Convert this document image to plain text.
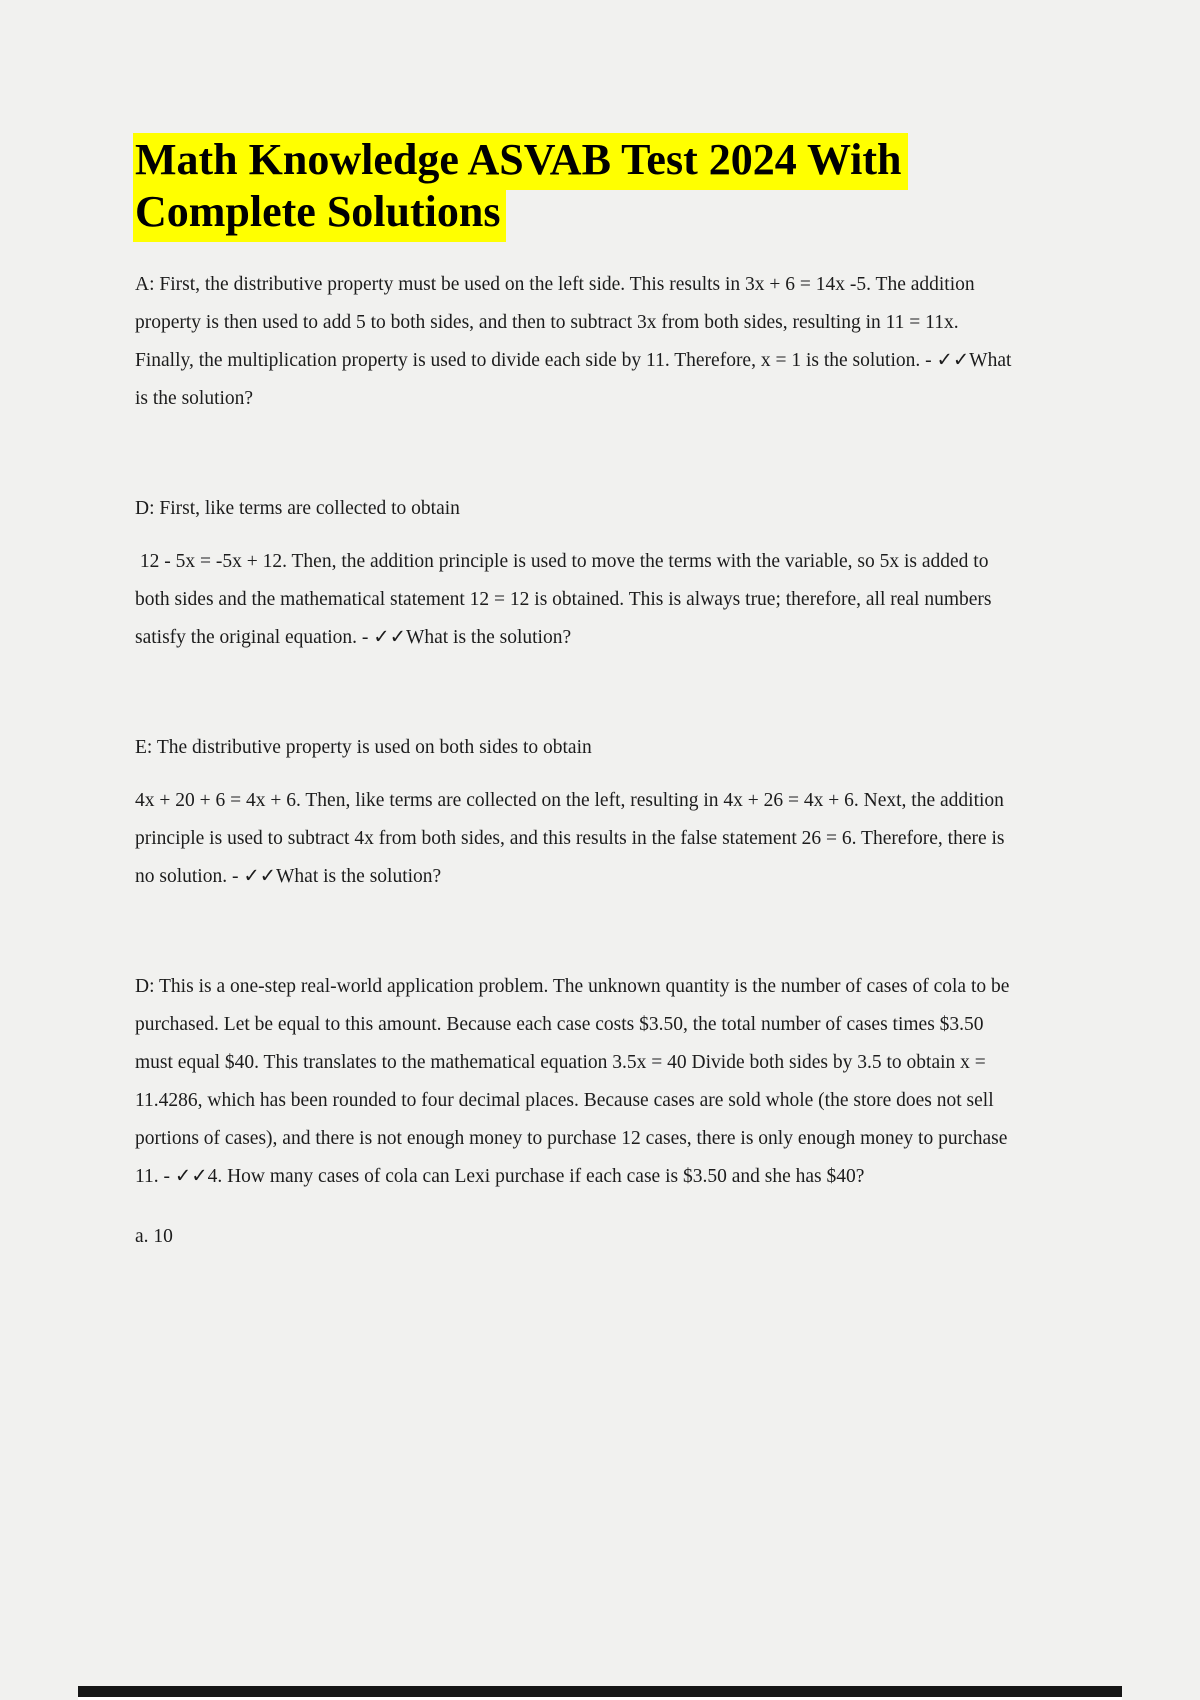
Math Knowledge ASVAB Test 2024 With Complete Solutions

A: First, the distributive property must be used on the left side. This results in 3x + 6 = 14x -5. The addition property is then used to add 5 to both sides, and then to subtract 3x from both sides, resulting in 11 = 11x. Finally, the multiplication property is used to divide each side by 11. Therefore, x = 1 is the solution. - ✓✓What is the solution?

D: First, like terms are collected to obtain

12 - 5x = -5x + 12. Then, the addition principle is used to move the terms with the variable, so 5x is added to both sides and the mathematical statement 12 = 12 is obtained. This is always true; therefore, all real numbers satisfy the original equation. - ✓✓What is the solution?

E: The distributive property is used on both sides to obtain

4x + 20 + 6 = 4x + 6. Then, like terms are collected on the left, resulting in 4x + 26 = 4x + 6. Next, the addition principle is used to subtract 4x from both sides, and this results in the false statement 26 = 6. Therefore, there is no solution. - ✓✓What is the solution?

D: This is a one-step real-world application problem. The unknown quantity is the number of cases of cola to be purchased. Let be equal to this amount. Because each case costs $3.50, the total number of cases times $3.50 must equal $40. This translates to the mathematical equation 3.5x = 40 Divide both sides by 3.5 to obtain x = 11.4286, which has been rounded to four decimal places. Because cases are sold whole (the store does not sell portions of cases), and there is not enough money to purchase 12 cases, there is only enough money to purchase 11. - ✓✓4. How many cases of cola can Lexi purchase if each case is $3.50 and she has $40?

a. 10
